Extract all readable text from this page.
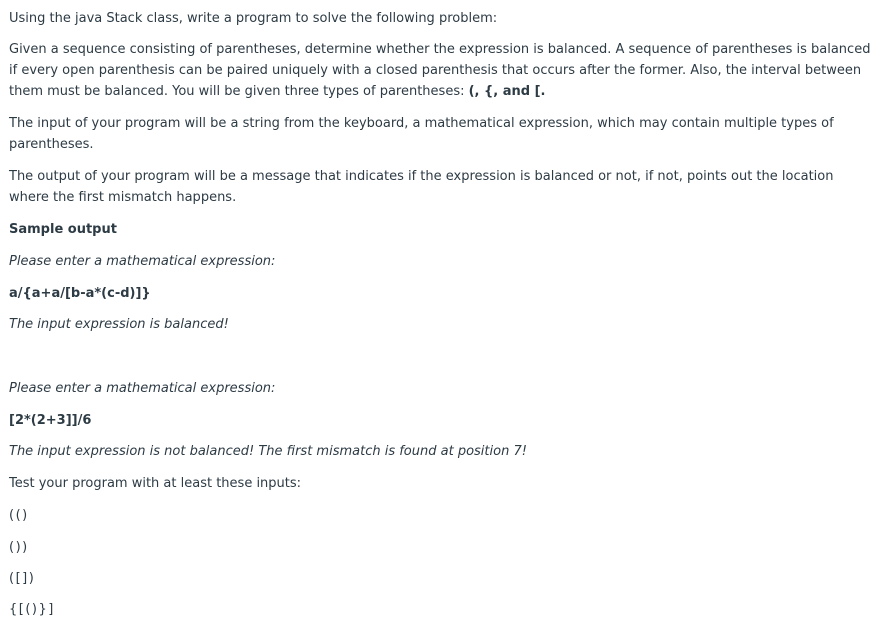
Using the java Stack class, write a program to solve the following problem:
Given a sequence consisting of parentheses, determine whether the expression is balanced. A sequence of parentheses is balanced
if every open parenthesis can be paired uniquely with a closed parenthesis that occurs after the former. Also, the interval between
them must be balanced. You will be given three types of parentheses: (, {, and [.
The input of your program will be a string from the keyboard, a mathematical expression, which may contain multiple types of
parentheses.
The output of your program will be a message that indicates if the expression is balanced or not, if not, points out the location
where the first mismatch happens.
Sample output
Please enter a mathematical expression:
a/{a+a/[b-a*(c-d)]}
The input expression is balanced!
Please enter a mathematical expression:
[2*(2+3]]/6
The input expression is not balanced! The first mismatch is found at position 7!
Test your program with at least these inputs:
(()
())
([])
{[()}]
